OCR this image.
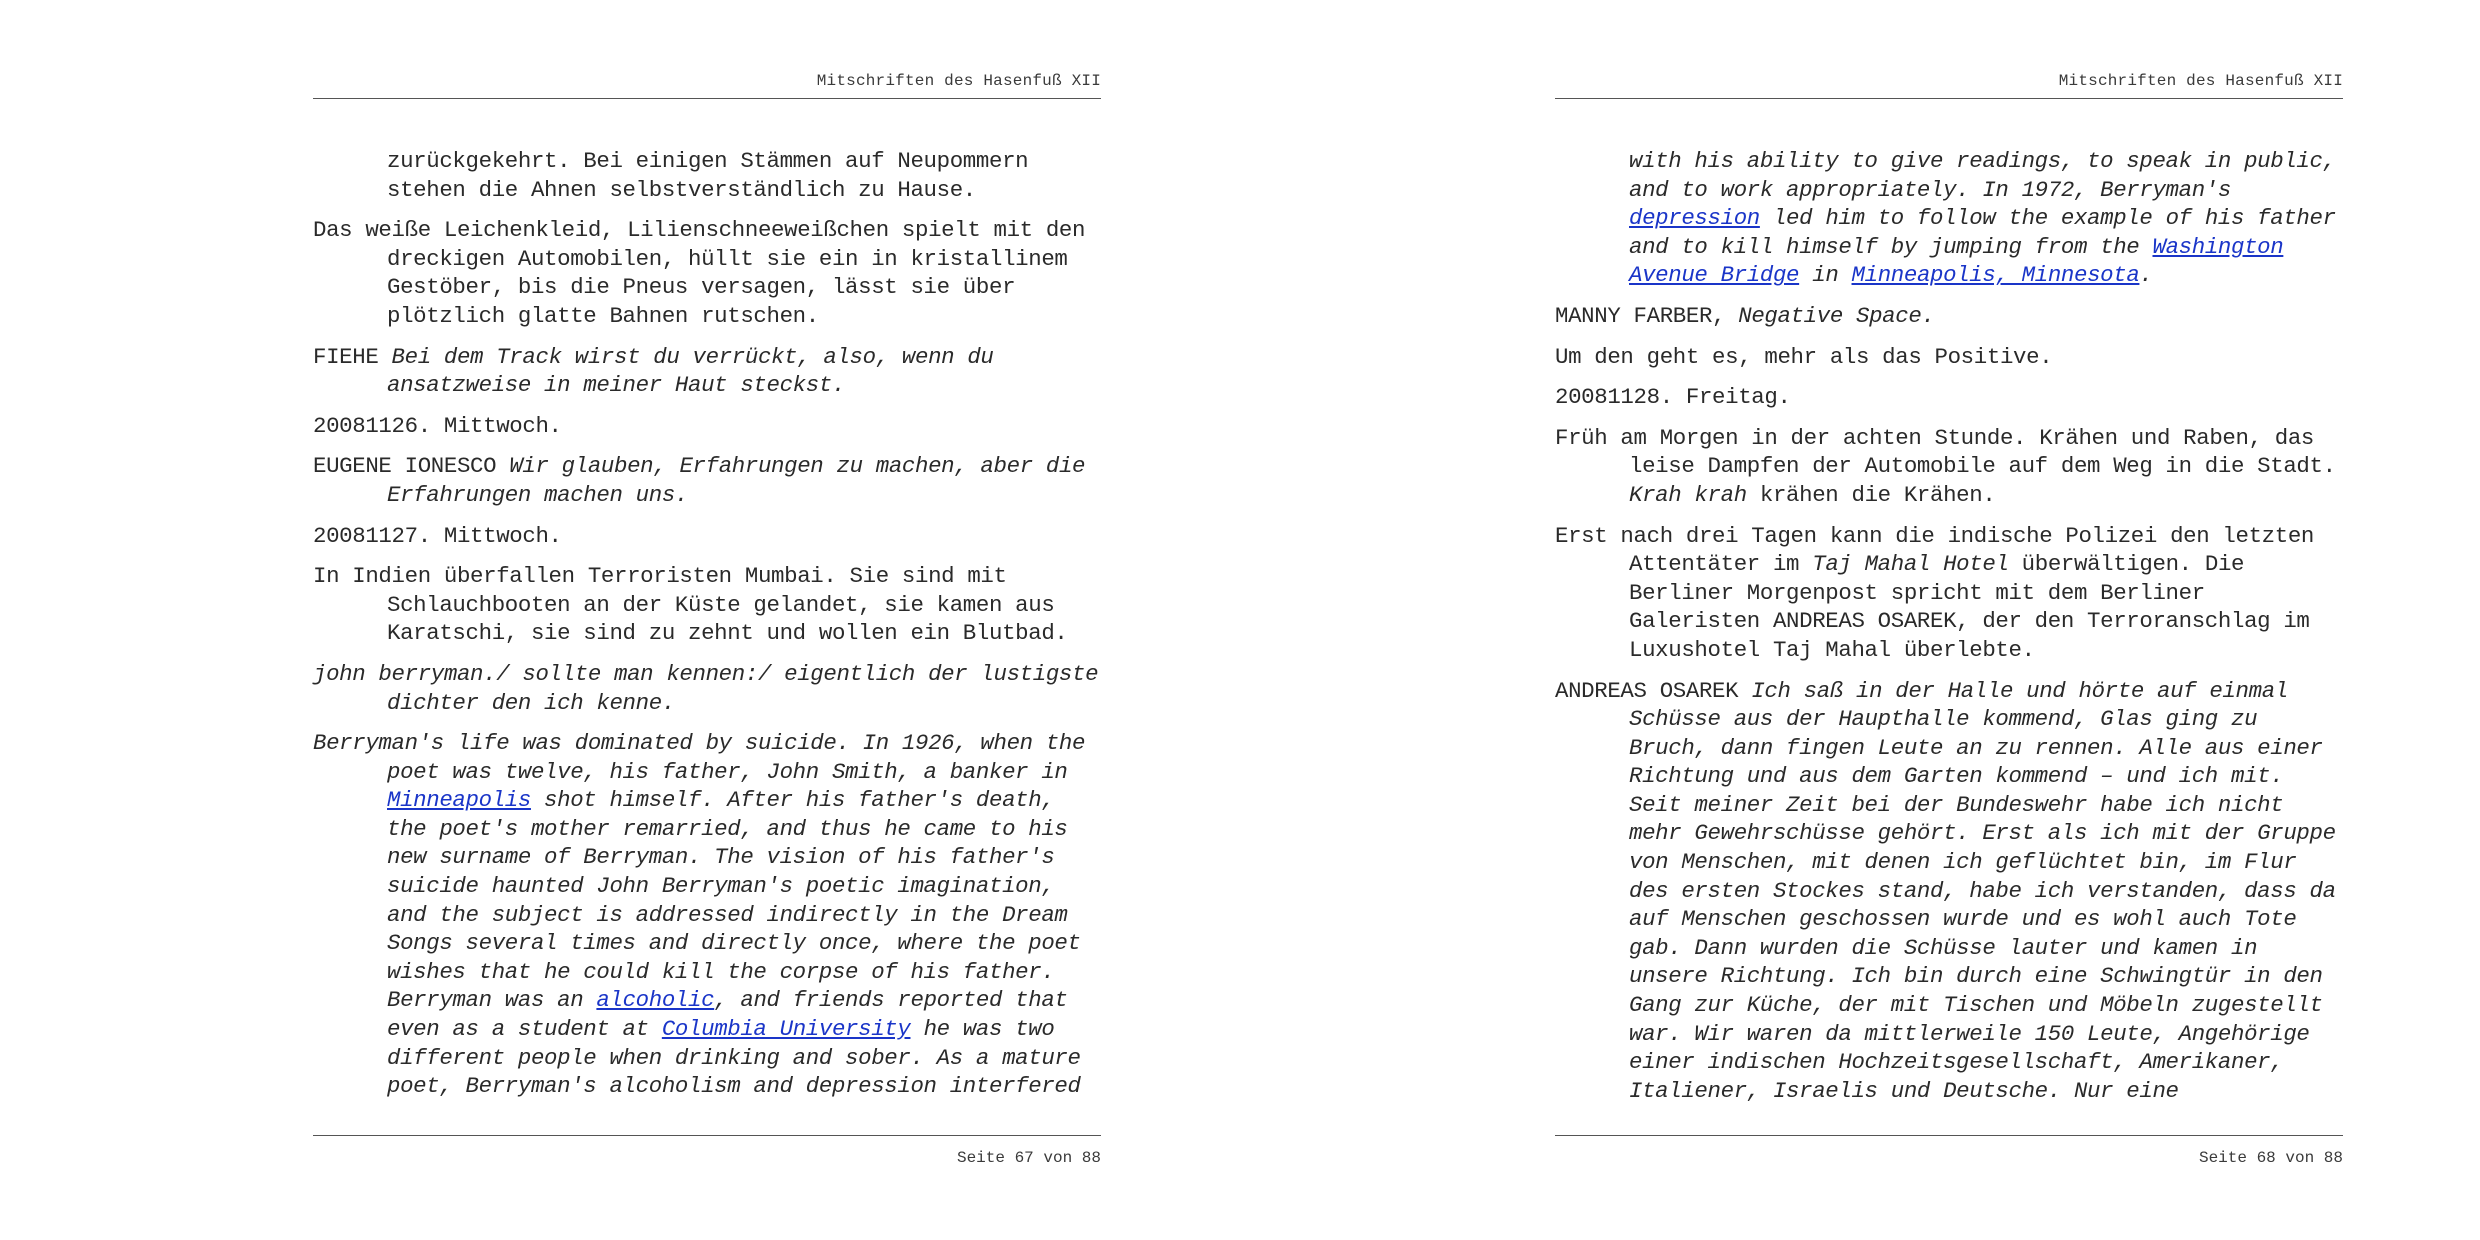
Mitschriften des Hasenfuß XII

zurückgekehrt. Bei einigen Stämmen auf Neupommern stehen die Ahnen selbstverständlich zu Hause.

Das weiße Leichenkleid, Lilienschneeweißchen spielt mit den dreckigen Automobilen, hüllt sie ein in kristallinem Gestöber, bis die Pneus versagen, lässt sie über plötzlich glatte Bahnen rutschen.

FIEHE Bei dem Track wirst du verrückt, also, wenn du ansatzweise in meiner Haut steckst.

20081126. Mittwoch.

EUGENE IONESCO Wir glauben, Erfahrungen zu machen, aber die Erfahrungen machen uns.

20081127. Mittwoch.

In Indien überfallen Terroristen Mumbai. Sie sind mit Schlauchbooten an der Küste gelandet, sie kamen aus Karatschi, sie sind zu zehnt und wollen ein Blutbad.

john berryman./ sollte man kennen:/ eigentlich der lustigste dichter den ich kenne.

Berryman's life was dominated by suicide. In 1926, when the poet was twelve, his father, John Smith, a banker in Minneapolis shot himself. After his father's death, the poet's mother remarried, and thus he came to his new surname of Berryman. The vision of his father's suicide haunted John Berryman's poetic imagination, and the subject is addressed indirectly in the Dream Songs several times and directly once, where the poet wishes that he could kill the corpse of his father. Berryman was an alcoholic, and friends reported that even as a student at Columbia University he was two different people when drinking and sober. As a mature poet, Berryman's alcoholism and depression interfered

Seite 67 von 88
Mitschriften des Hasenfuß XII

with his ability to give readings, to speak in public, and to work appropriately. In 1972, Berryman's depression led him to follow the example of his father and to kill himself by jumping from the Washington Avenue Bridge in Minneapolis, Minnesota.

MANNY FARBER, Negative Space.

Um den geht es, mehr als das Positive.

20081128. Freitag.

Früh am Morgen in der achten Stunde. Krähen und Raben, das leise Dampfen der Automobile auf dem Weg in die Stadt. Krah krah krähen die Krähen.

Erst nach drei Tagen kann die indische Polizei den letzten Attentäter im Taj Mahal Hotel überwältigen. Die Berliner Morgenpost spricht mit dem Berliner Galeristen ANDREAS OSAREK, der den Terroranschlag im Luxushotel Taj Mahal überlebte.

ANDREAS OSAREK Ich saß in der Halle und hörte auf einmal Schüsse aus der Haupthalle kommend, Glas ging zu Bruch, dann fingen Leute an zu rennen. Alle aus einer Richtung und aus dem Garten kommend – und ich mit. Seit meiner Zeit bei der Bundeswehr habe ich nicht mehr Gewehrschüsse gehört. Erst als ich mit der Gruppe von Menschen, mit denen ich geflüchtet bin, im Flur des ersten Stockes stand, habe ich verstanden, dass da auf Menschen geschossen wurde und es wohl auch Tote gab. Dann wurden die Schüsse lauter und kamen in unsere Richtung. Ich bin durch eine Schwingtür in den Gang zur Küche, der mit Tischen und Möbeln zugestellt war. Wir waren da mittlerweile 150 Leute, Angehörige einer indischen Hochzeitsgesellschaft, Amerikaner, Italiener, Israelis und Deutsche. Nur eine

Seite 68 von 88
